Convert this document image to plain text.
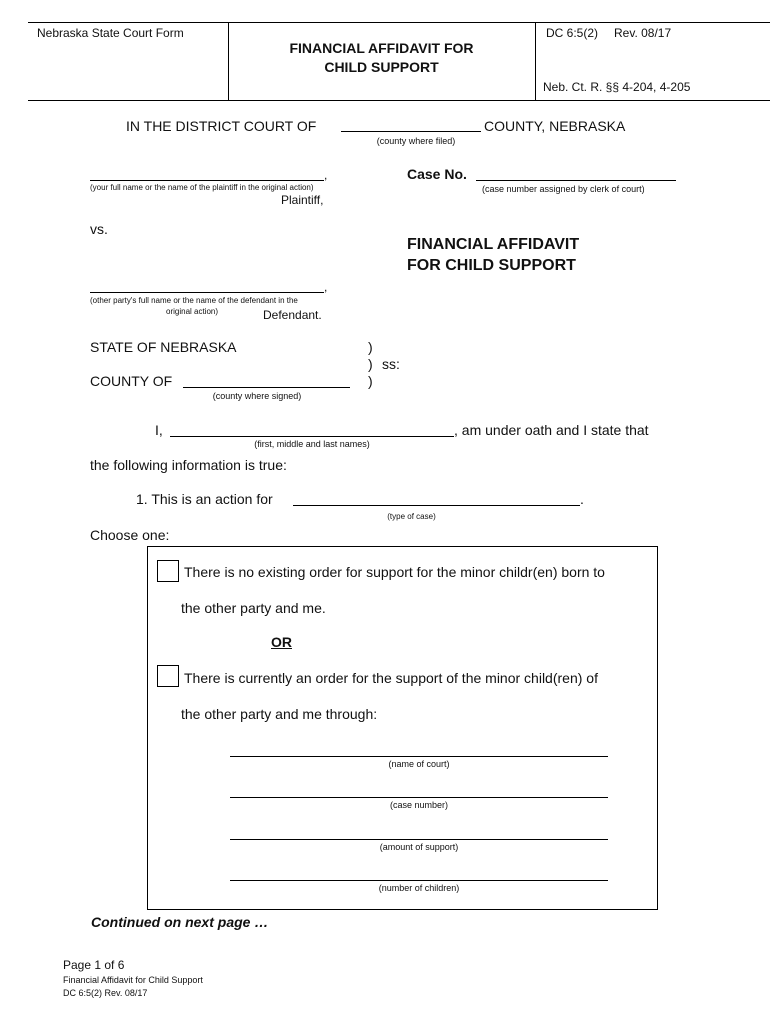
Nebraska State Court Form
FINANCIAL AFFIDAVIT FOR
CHILD SUPPORT
DC 6:5(2) Rev. 08/17
Neb. Ct. R. §§ 4-204, 4-205
IN THE DISTRICT COURT OF	COUNTY, NEBRASKA
(county where filed)
,
(your full name or the name of the plaintiff in the original action)
Plaintiff,
Case No.
(case number assigned by clerk of court)
vs.
FINANCIAL AFFIDAVIT
FOR CHILD SUPPORT
,
(other party's full name or the name of the defendant in the
original action)	Defendant.
STATE OF NEBRASKA	)
) ss:
)
COUNTY OF
(county where signed)
I,	, am under oath and I state that
(first, middle and last names)
the following information is true:
1. This is an action for	.
(type of case)
Choose one:
There is no existing order for support for the minor childr(en) born to
the other party and me.
OR
There is currently an order for the support of the minor child(ren) of
the other party and me through:
(name of court)
(case number)
(amount of support)
(number of children)
Continued on next page …
Page 1 of 6
Financial Affidavit for Child Support
DC 6:5(2) Rev. 08/17
